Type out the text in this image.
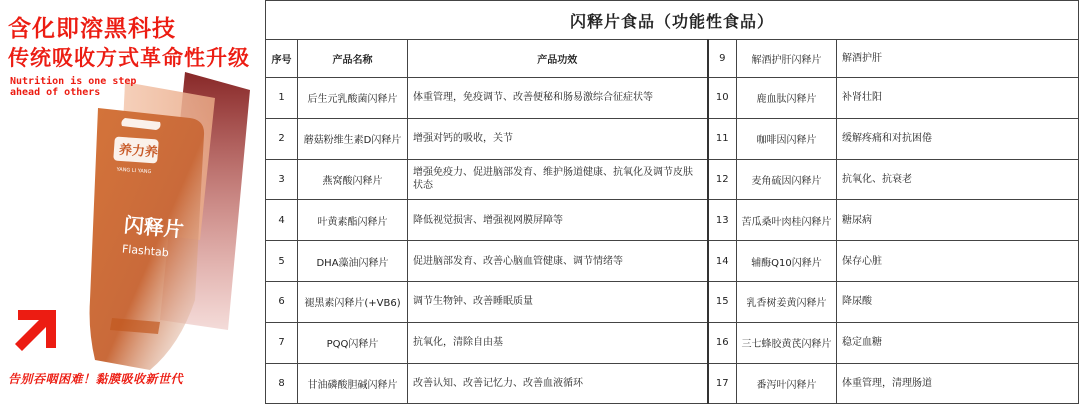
养力养
YANG LI YANG
闪释片
Flashtab
含化即溶黑科技
传统吸收方式革命性升级
Nutrition is one step ahead of others
告别吞咽困难！黏膜吸收新世代
闪释片食品（功能性食品）					
序号	产品名称	产品功效	9	解酒护肝闪释片	解酒护肝
1	后生元乳酸菌闪释片	体重管理，免疫调节、改善便秘和肠易激综合征症状等	10	鹿血肽闪释片	补肾壮阳
2	蘑菇粉维生素D闪释片	增强对钙的吸收，关节	11	咖啡因闪释片	缓解疼痛和对抗困倦
3	燕窝酸闪释片	增强免疫力、促进脑部发育、维护肠道健康、抗氧化及调节皮肤状态	12	麦角硫因闪释片	抗氧化、抗衰老
4	叶黄素酯闪释片	降低视觉损害、增强视网膜屏障等	13	苦瓜桑叶肉桂闪释片	糖尿病
5	DHA藻油闪释片	促进脑部发育、改善心脑血管健康、调节情绪等	14	辅酶Q10闪释片	保存心脏
6	褪黑素闪释片(+VB6)	调节生物钟、改善睡眠质量	15	乳香树姜黄闪释片	降尿酸
7	PQQ闪释片	抗氧化，清除自由基	16	三七蜂胶黄芪闪释片	稳定血糖
8	甘油磷酸胆碱闪释片	改善认知、改善记忆力、改善血液循环	17	番泻叶闪释片	体重管理，清理肠道
